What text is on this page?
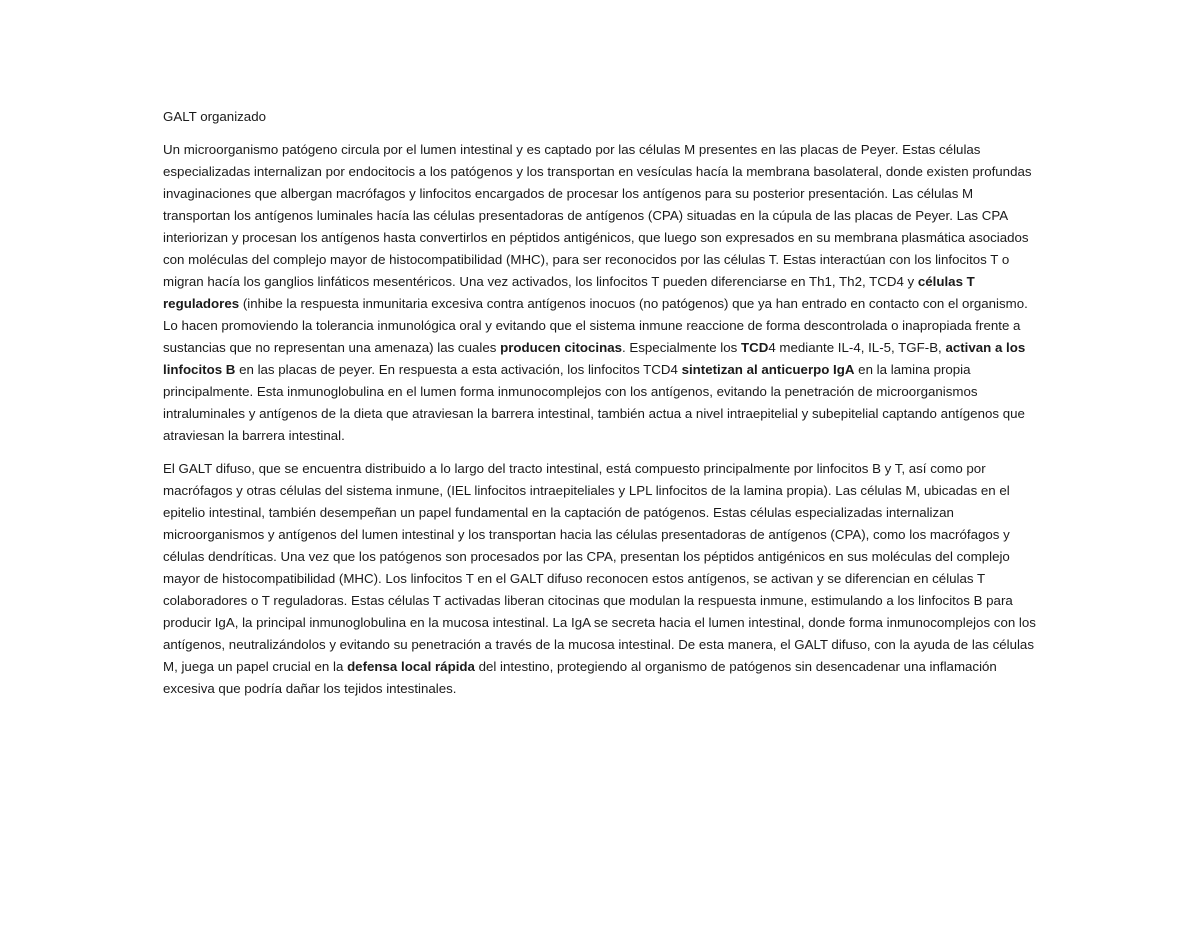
GALT organizado

Un microorganismo patógeno circula por el lumen intestinal y es captado por las células M presentes en las placas de Peyer. Estas células especializadas internalizan por endocitocis a los patógenos y los transportan en vesículas hacía la membrana basolateral, donde existen profundas invaginaciones que albergan macrófagos y linfocitos encargados de procesar los antígenos para su posterior presentación. Las células M transportan los antígenos luminales hacía las células presentadoras de antígenos (CPA) situadas en la cúpula de las placas de Peyer. Las CPA interiorizan y procesan los antígenos hasta convertirlos en péptidos antigénicos, que luego son expresados en su membrana plasmática asociados con moléculas del complejo mayor de histocompatibilidad (MHC), para ser reconocidos por las células T. Estas interactúan con los linfocitos T o migran hacía los ganglios linfáticos mesentéricos. Una vez activados, los linfocitos T pueden diferenciarse en Th1, Th2, TCD4 y células T reguladores (inhibe la respuesta inmunitaria excesiva contra antígenos inocuos (no patógenos) que ya han entrado en contacto con el organismo. Lo hacen promoviendo la tolerancia inmunológica oral y evitando que el sistema inmune reaccione de forma descontrolada o inapropiada frente a sustancias que no representan una amenaza) las cuales producen citocinas. Especialmente los TCD4 mediante IL-4, IL-5, TGF-B, activan a los linfocitos B en las placas de peyer. En respuesta a esta activación, los linfocitos TCD4 sintetizan al anticuerpo IgA en la lamina propia principalmente. Esta inmunoglobulina en el lumen forma inmunocomplejos con los antígenos, evitando la penetración de microorganismos intraluminales y antígenos de la dieta que atraviesan la barrera intestinal, también actua a nivel intraepitelial y subepitelial captando antígenos que atraviesan la barrera intestinal.

El GALT difuso, que se encuentra distribuido a lo largo del tracto intestinal, está compuesto principalmente por linfocitos B y T, así como por macrófagos y otras células del sistema inmune, (IEL linfocitos intraepiteliales y LPL linfocitos de la lamina propia). Las células M, ubicadas en el epitelio intestinal, también desempeñan un papel fundamental en la captación de patógenos. Estas células especializadas internalizan microorganismos y antígenos del lumen intestinal y los transportan hacia las células presentadoras de antígenos (CPA), como los macrófagos y células dendríticas. Una vez que los patógenos son procesados por las CPA, presentan los péptidos antigénicos en sus moléculas del complejo mayor de histocompatibilidad (MHC). Los linfocitos T en el GALT difuso reconocen estos antígenos, se activan y se diferencian en células T colaboradores o T reguladoras. Estas células T activadas liberan citocinas que modulan la respuesta inmune, estimulando a los linfocitos B para producir IgA, la principal inmunoglobulina en la mucosa intestinal. La IgA se secreta hacia el lumen intestinal, donde forma inmunocomplejos con los antígenos, neutralizándolos y evitando su penetración a través de la mucosa intestinal. De esta manera, el GALT difuso, con la ayuda de las células M, juega un papel crucial en la defensa local rápida del intestino, protegiendo al organismo de patógenos sin desencadenar una inflamación excesiva que podría dañar los tejidos intestinales.
